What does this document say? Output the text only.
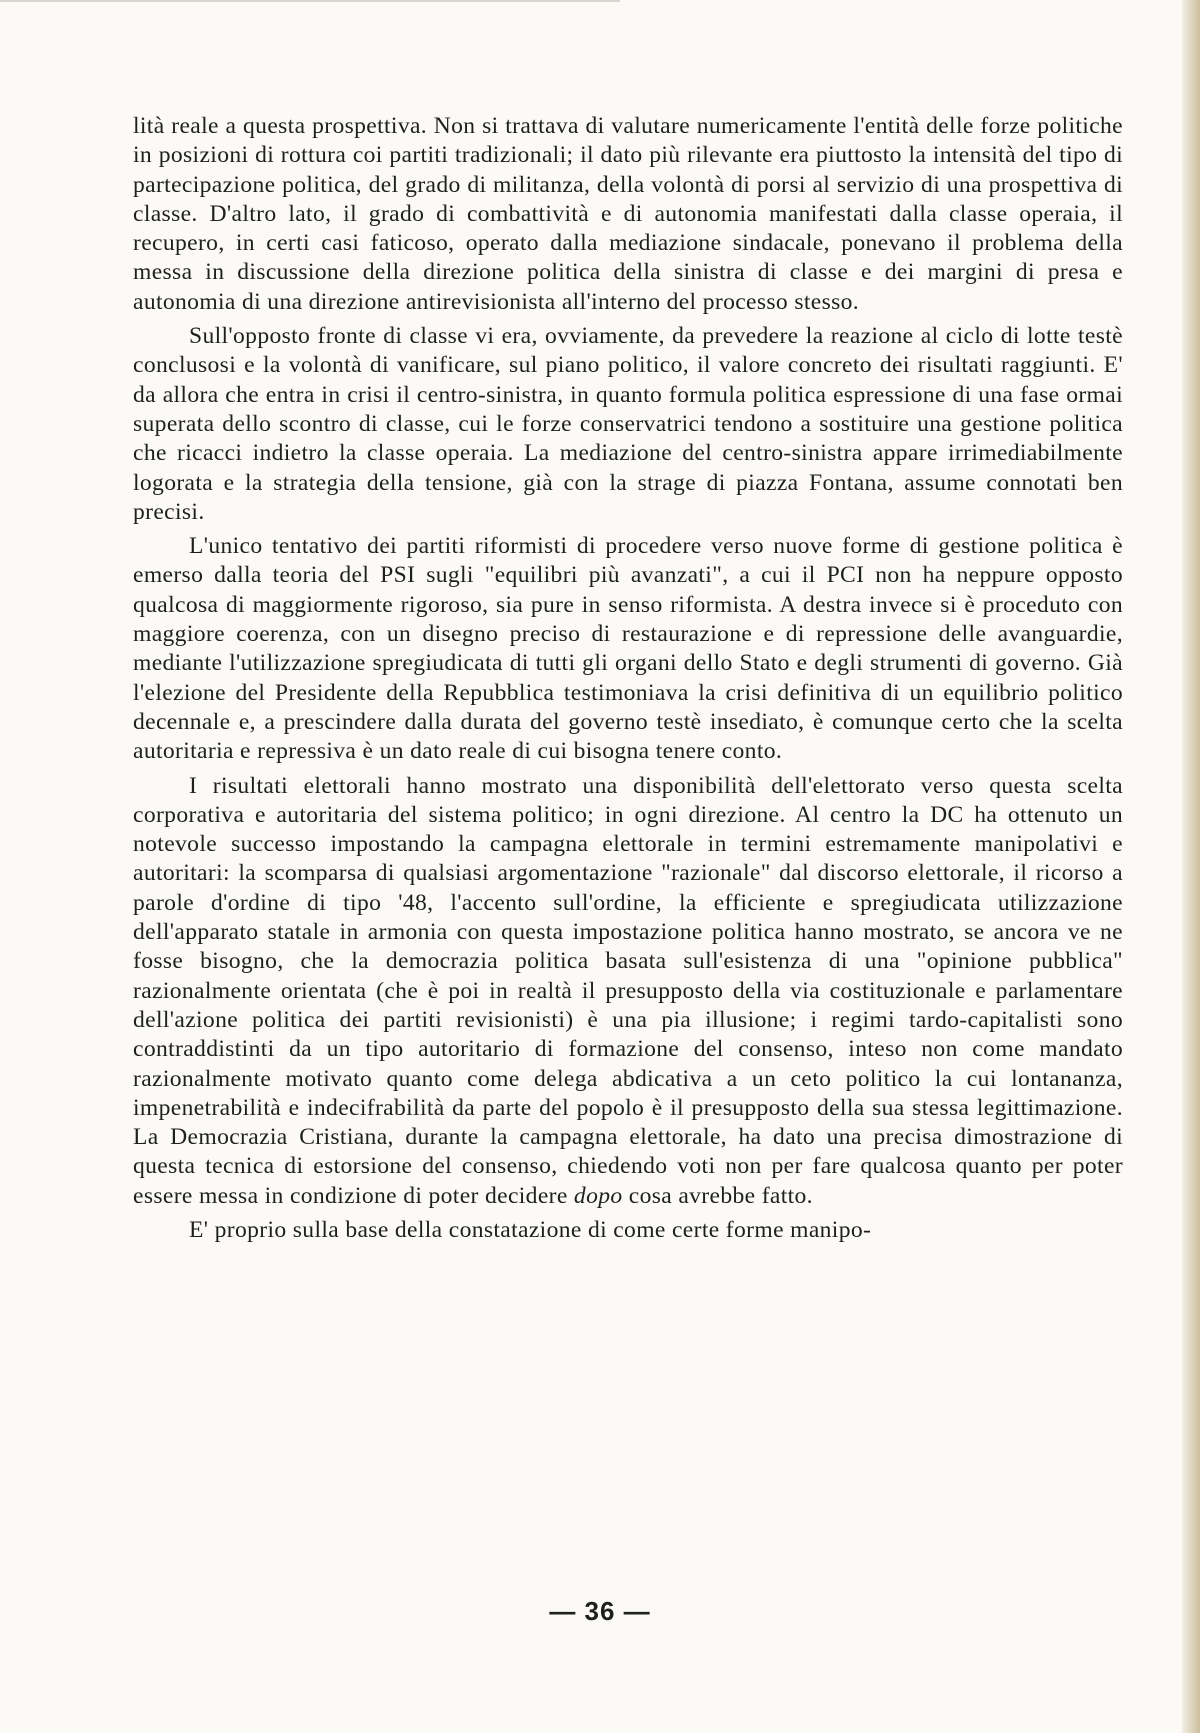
lità reale a questa prospettiva. Non si trattava di valutare numericamente l'entità delle forze politiche in posizioni di rottura coi partiti tradizionali; il dato più rilevante era piuttosto la intensità del tipo di partecipazione politica, del grado di militanza, della volontà di porsi al servizio di una prospettiva di classe. D'altro lato, il grado di combattività e di autonomia manifestati dalla classe operaia, il recupero, in certi casi faticoso, operato dalla mediazione sindacale, ponevano il problema della messa in discussione della direzione politica della sinistra di classe e dei margini di presa e autonomia di una direzione antirevisionista all'interno del processo stesso.

Sull'opposto fronte di classe vi era, ovviamente, da prevedere la reazione al ciclo di lotte testè conclusosi e la volontà di vanificare, sul piano politico, il valore concreto dei risultati raggiunti. E' da allora che entra in crisi il centro-sinistra, in quanto formula politica espressione di una fase ormai superata dello scontro di classe, cui le forze conservatrici tendono a sostituire una gestione politica che ricacci indietro la classe operaia. La mediazione del centro-sinistra appare irrimediabilmente logorata e la strategia della tensione, già con la strage di piazza Fontana, assume connotati ben precisi.

L'unico tentativo dei partiti riformisti di procedere verso nuove forme di gestione politica è emerso dalla teoria del PSI sugli "equilibri più avanzati", a cui il PCI non ha neppure opposto qualcosa di maggiormente rigoroso, sia pure in senso riformista. A destra invece si è proceduto con maggiore coerenza, con un disegno preciso di restaurazione e di repressione delle avanguardie, mediante l'utilizzazione spregiudicata di tutti gli organi dello Stato e degli strumenti di governo. Già l'elezione del Presidente della Repubblica testimoniava la crisi definitiva di un equilibrio politico decennale e, a prescindere dalla durata del governo testè insediato, è comunque certo che la scelta autoritaria e repressiva è un dato reale di cui bisogna tenere conto.

I risultati elettorali hanno mostrato una disponibilità dell'elettorato verso questa scelta corporativa e autoritaria del sistema politico; in ogni direzione. Al centro la DC ha ottenuto un notevole successo impostando la campagna elettorale in termini estremamente manipolativi e autoritari: la scomparsa di qualsiasi argomentazione "razionale" dal discorso elettorale, il ricorso a parole d'ordine di tipo '48, l'accento sull'ordine, la efficiente e spregiudicata utilizzazione dell'apparato statale in armonia con questa impostazione politica hanno mostrato, se ancora ve ne fosse bisogno, che la democrazia politica basata sull'esistenza di una "opinione pubblica" razionalmente orientata (che è poi in realtà il presupposto della via costituzionale e parlamentare dell'azione politica dei partiti revisionisti) è una pia illusione; i regimi tardo-capitalisti sono contraddistinti da un tipo autoritario di formazione del consenso, inteso non come mandato razionalmente motivato quanto come delega abdicativa a un ceto politico la cui lontananza, impenetrabilità e indecifrabilità da parte del popolo è il presupposto della sua stessa legittimazione. La Democrazia Cristiana, durante la campagna elettorale, ha dato una precisa dimostrazione di questa tecnica di estorsione del consenso, chiedendo voti non per fare qualcosa quanto per poter essere messa in condizione di poter decidere dopo cosa avrebbe fatto.

E' proprio sulla base della constatazione di come certe forme manipo-

— 36 —
